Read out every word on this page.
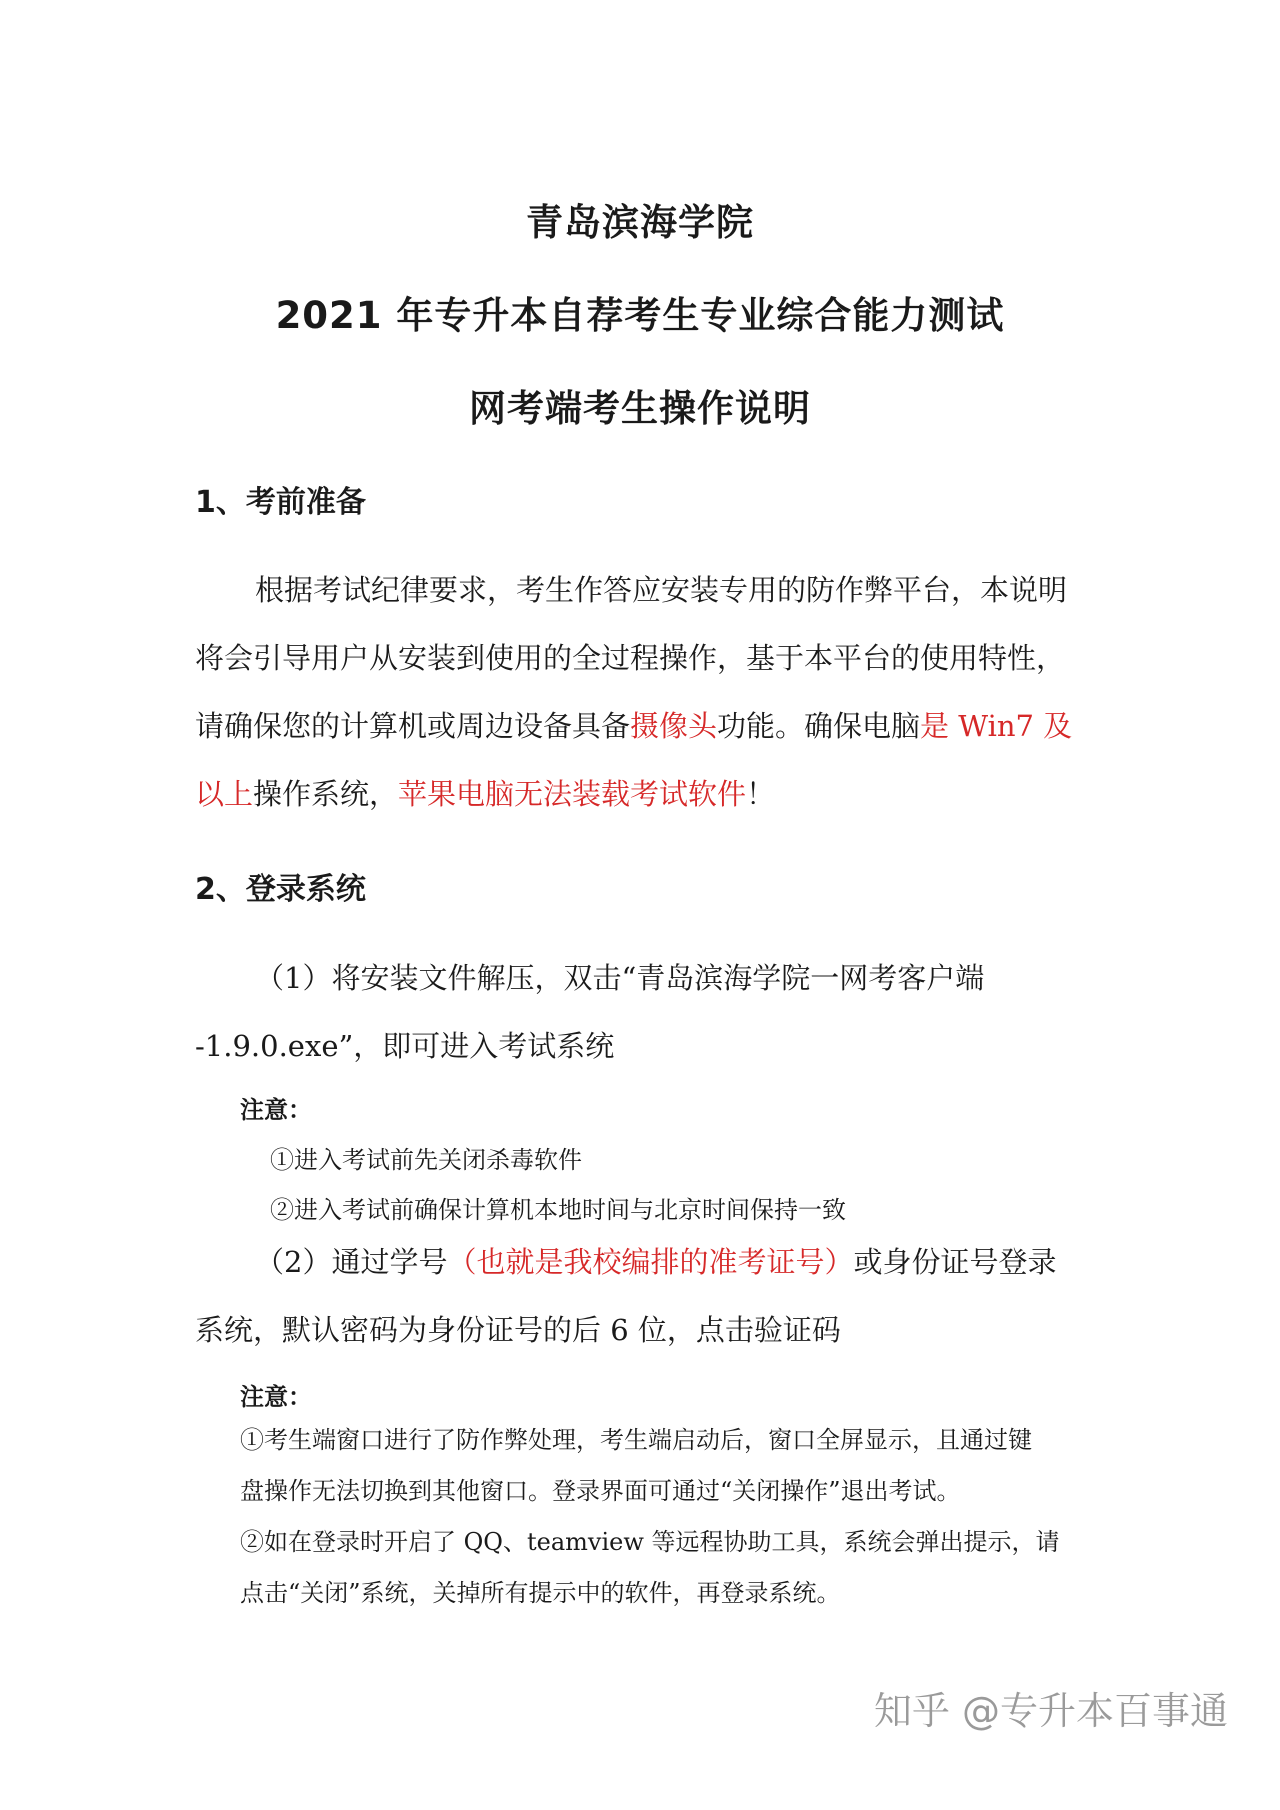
青岛滨海学院
2021 年专升本自荐考生专业综合能力测试
网考端考生操作说明
1、考前准备
根据考试纪律要求，考生作答应安装专用的防作弊平台，本说明
将会引导用户从安装到使用的全过程操作，基于本平台的使用特性，
请确保您的计算机或周边设备具备摄像头功能。确保电脑是 Win7 及
以上操作系统，苹果电脑无法装载考试软件！
2、登录系统
（1）将安装文件解压，双击“青岛滨海学院一网考客户端
-1.9.0.exe”，即可进入考试系统
注意：
①进入考试前先关闭杀毒软件
②进入考试前确保计算机本地时间与北京时间保持一致
（2）通过学号（也就是我校编排的准考证号）或身份证号登录
系统，默认密码为身份证号的后 6 位，点击验证码
注意：
①考生端窗口进行了防作弊处理，考生端启动后，窗口全屏显示，且通过键
盘操作无法切换到其他窗口。登录界面可通过“关闭操作”退出考试。
②如在登录时开启了 QQ、teamview 等远程协助工具，系统会弹出提示，请
点击“关闭”系统，关掉所有提示中的软件，再登录系统。
知乎 @专升本百事通
